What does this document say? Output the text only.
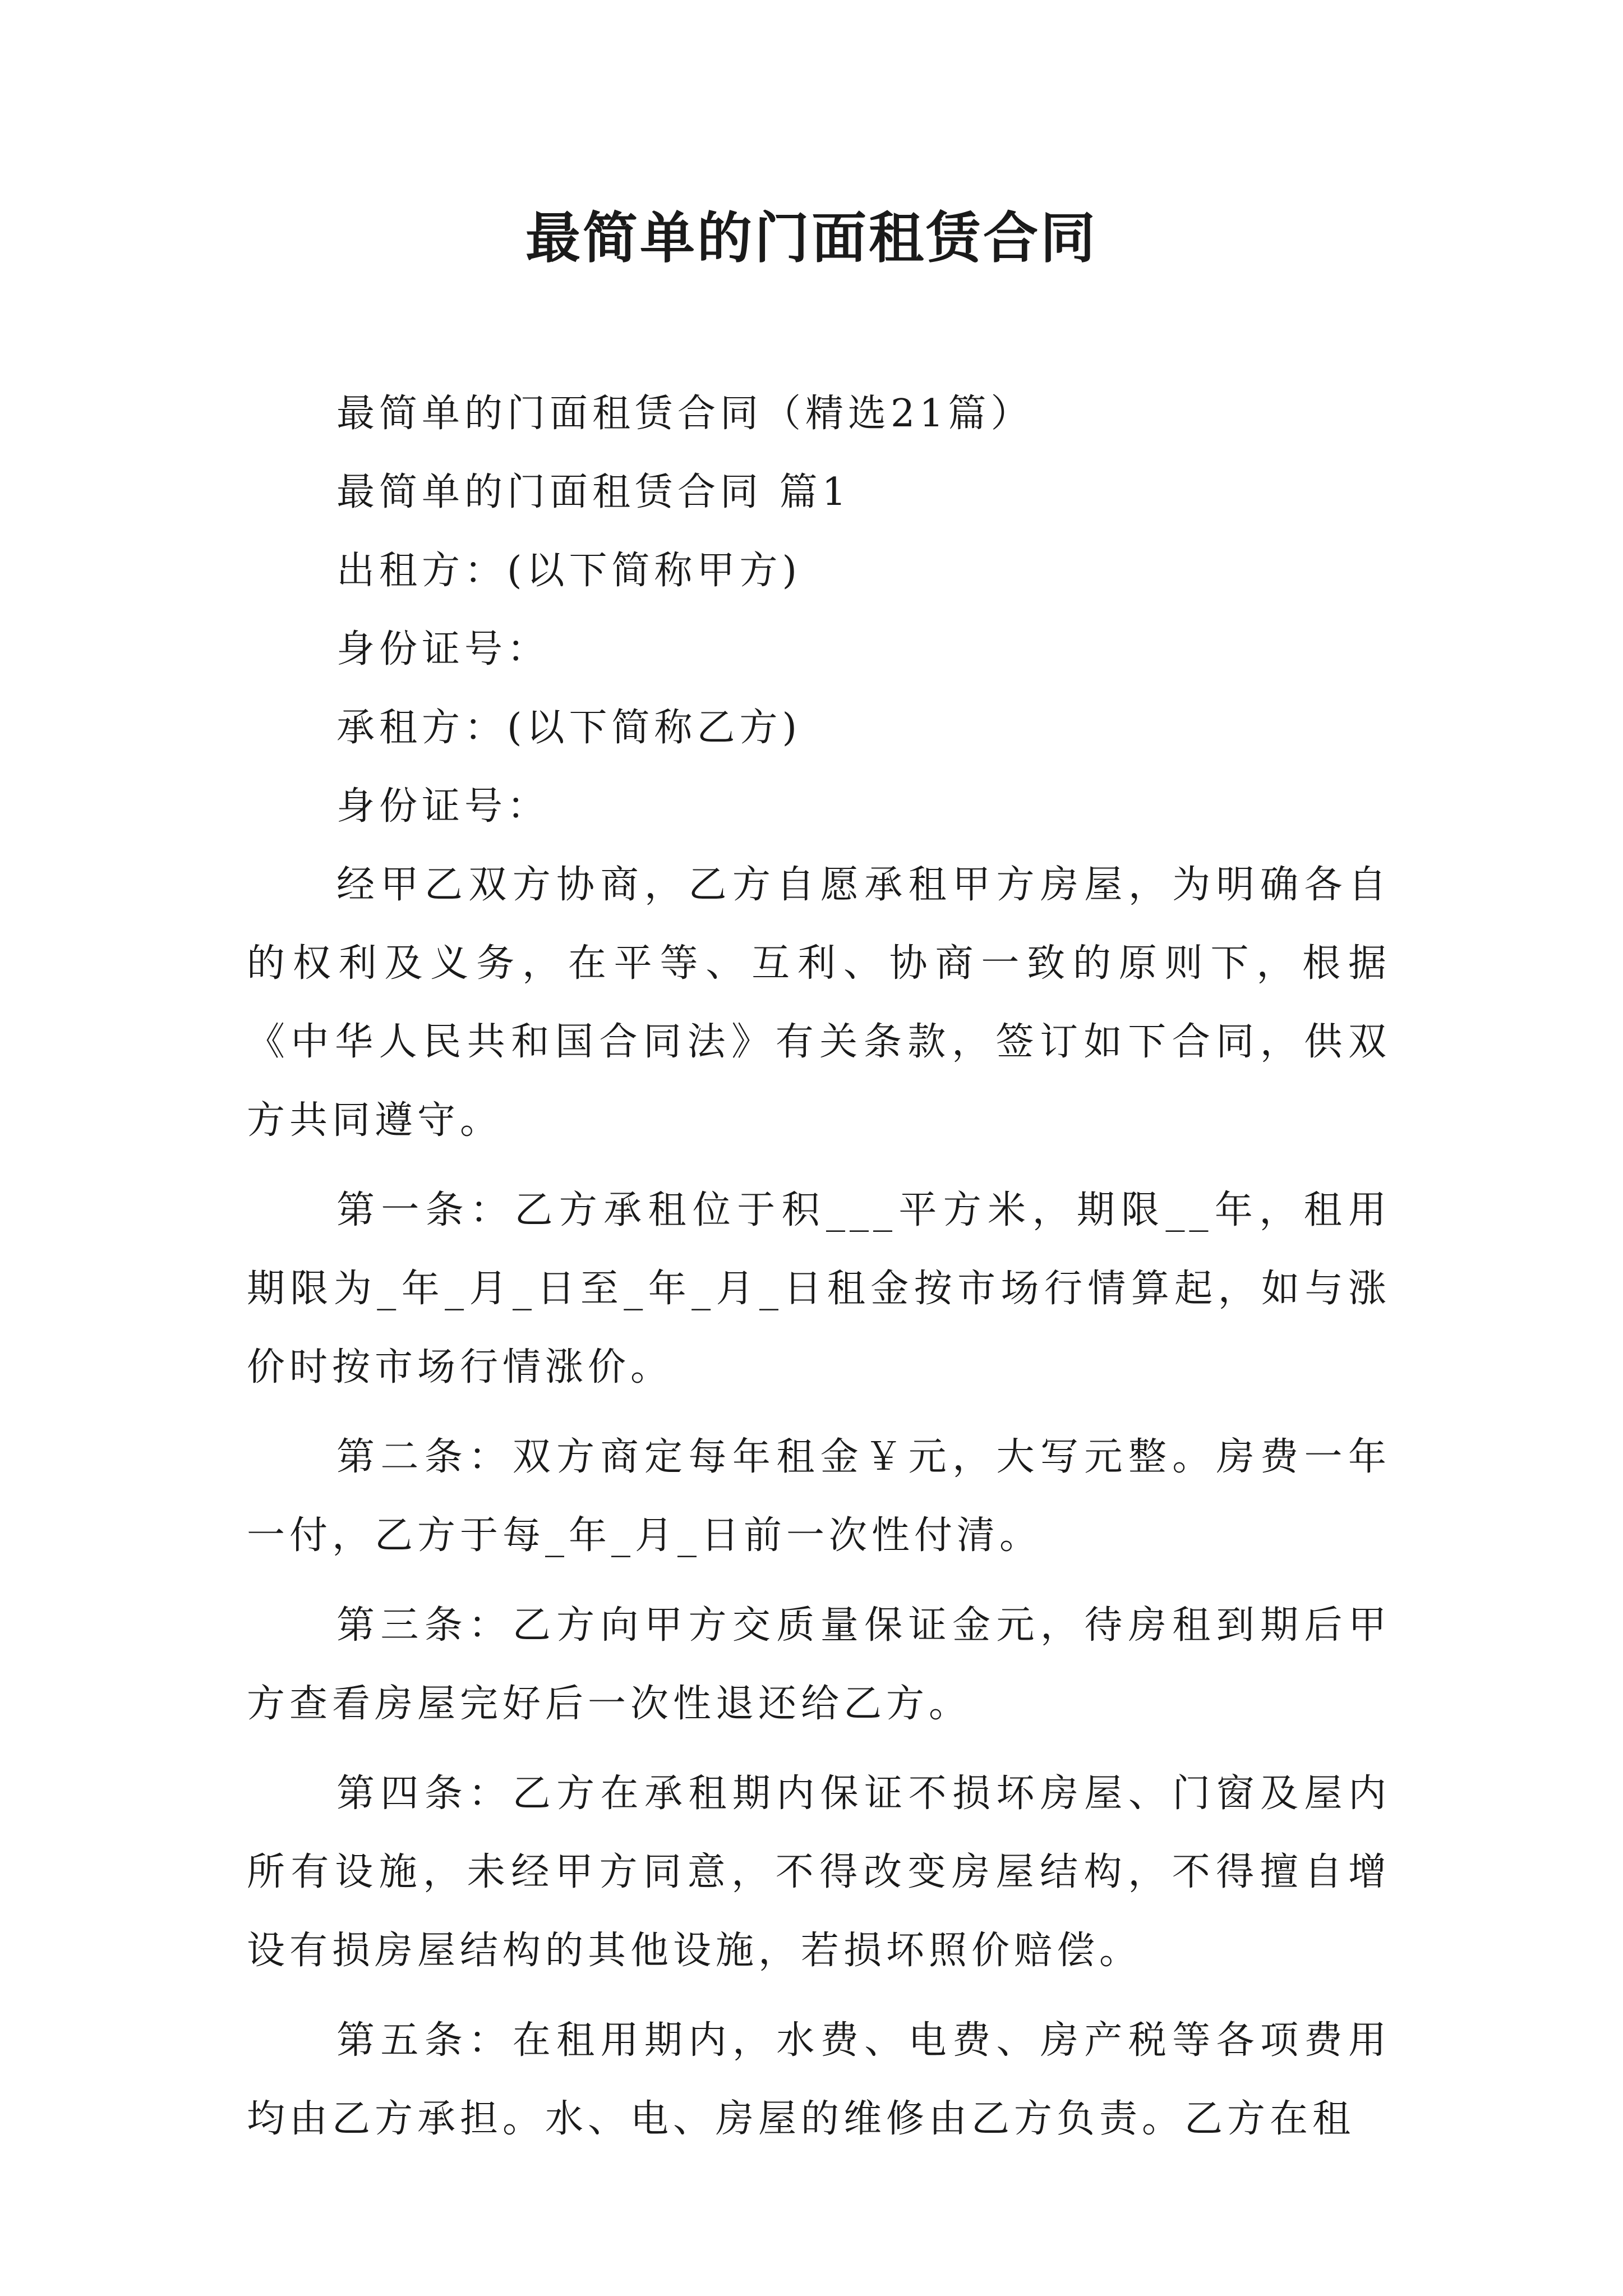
最简单的门面租赁合同

最简单的门面租赁合同（精选21篇）

最简单的门面租赁合同 篇1

出租方：(以下简称甲方)

身份证号：

承租方：(以下简称乙方)

身份证号：

经甲乙双方协商，乙方自愿承租甲方房屋，为明确各自的权利及义务，在平等、互利、协商一致的原则下，根据《中华人民共和国合同法》有关条款，签订如下合同，供双方共同遵守。

第一条：乙方承租位于积___平方米，期限__年，租用期限为_年_月_日至_年_月_日租金按市场行情算起，如与涨价时按市场行情涨价。

第二条：双方商定每年租金￥元，大写元整。房费一年一付，乙方于每_年_月_日前一次性付清。

第三条：乙方向甲方交质量保证金元，待房租到期后甲方查看房屋完好后一次性退还给乙方。

第四条：乙方在承租期内保证不损坏房屋、门窗及屋内所有设施，未经甲方同意，不得改变房屋结构，不得擅自增设有损房屋结构的其他设施，若损坏照价赔偿。

第五条：在租用期内，水费、电费、房产税等各项费用均由乙方承担。水、电、房屋的维修由乙方负责。乙方在租
